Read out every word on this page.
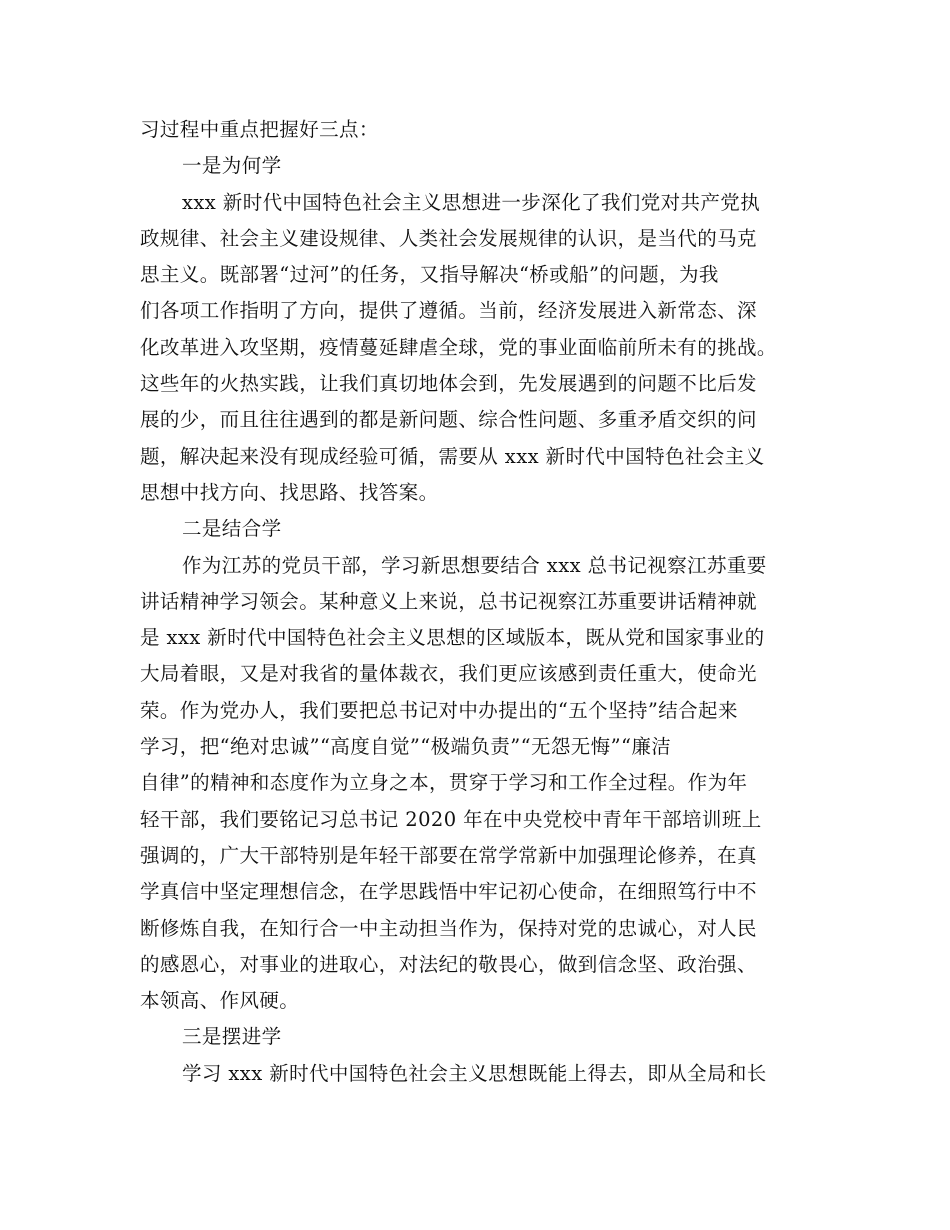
习过程中重点把握好三点：
一是为何学
xxx 新时代中国特色社会主义思想进一步深化了我们党对共产党执
政规律、社会主义建设规律、人类社会发展规律的认识，是当代的马克
思主义。既部署“过河”的任务，又指导解决“桥或船”的问题，为我
们各项工作指明了方向，提供了遵循。当前，经济发展进入新常态、深
化改革进入攻坚期，疫情蔓延肆虐全球，党的事业面临前所未有的挑战。
这些年的火热实践，让我们真切地体会到，先发展遇到的问题不比后发
展的少，而且往往遇到的都是新问题、综合性问题、多重矛盾交织的问
题，解决起来没有现成经验可循，需要从 xxx 新时代中国特色社会主义
思想中找方向、找思路、找答案。
二是结合学
作为江苏的党员干部，学习新思想要结合 xxx 总书记视察江苏重要
讲话精神学习领会。某种意义上来说，总书记视察江苏重要讲话精神就
是 xxx 新时代中国特色社会主义思想的区域版本，既从党和国家事业的
大局着眼，又是对我省的量体裁衣，我们更应该感到责任重大，使命光
荣。作为党办人，我们要把总书记对中办提出的“五个坚持”结合起来
学习，把“绝对忠诚”“高度自觉”“极端负责”“无怨无悔”“廉洁
自律”的精神和态度作为立身之本，贯穿于学习和工作全过程。作为年
轻干部，我们要铭记习总书记 2020 年在中央党校中青年干部培训班上
强调的，广大干部特别是年轻干部要在常学常新中加强理论修养，在真
学真信中坚定理想信念，在学思践悟中牢记初心使命，在细照笃行中不
断修炼自我，在知行合一中主动担当作为，保持对党的忠诚心，对人民
的感恩心，对事业的进取心，对法纪的敬畏心，做到信念坚、政治强、
本领高、作风硬。
三是摆进学
学习 xxx 新时代中国特色社会主义思想既能上得去，即从全局和长
